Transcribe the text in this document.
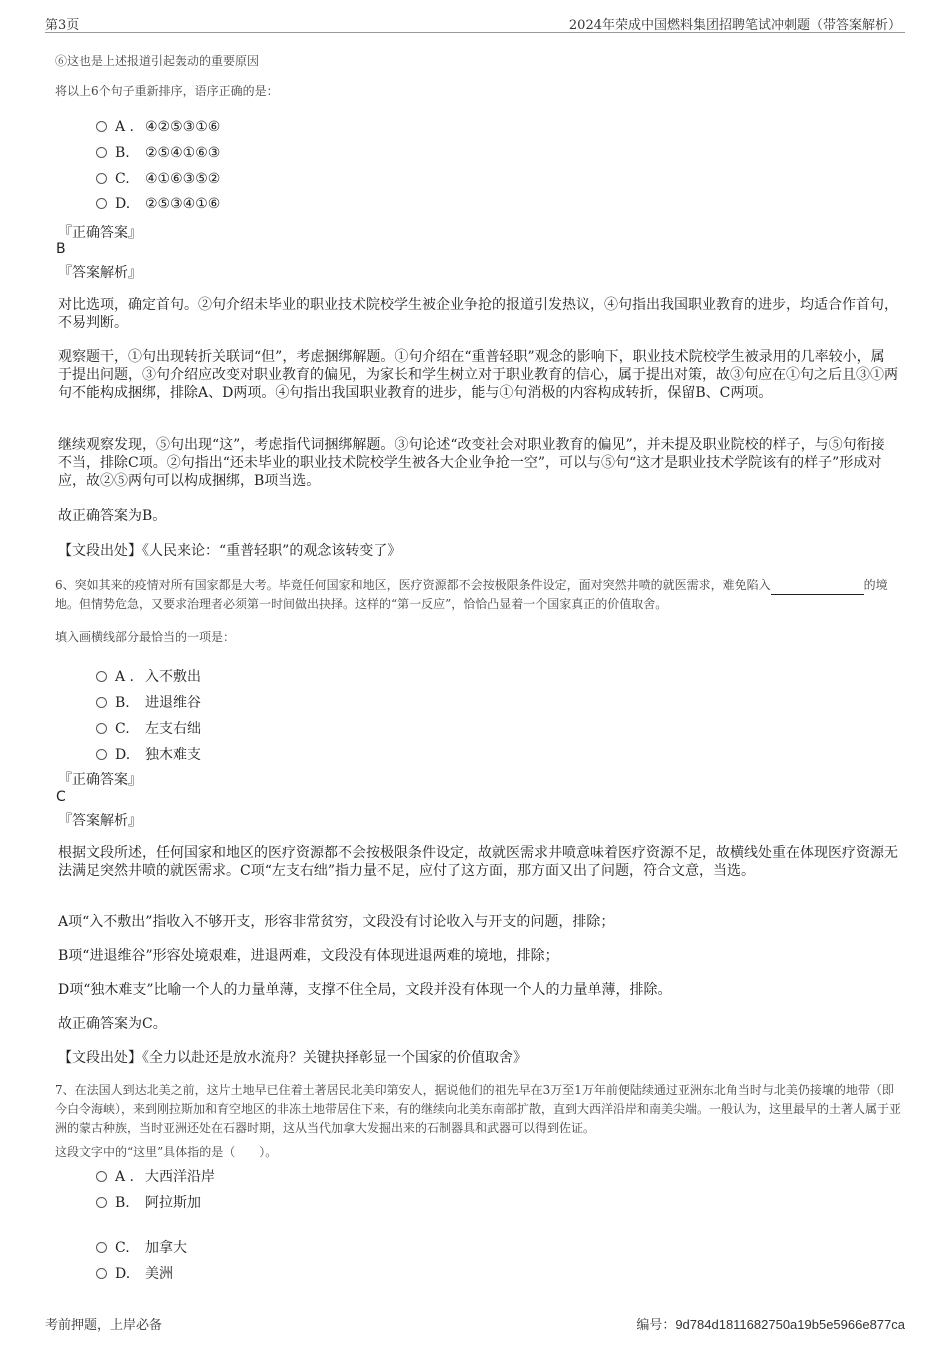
第3页	2024年荣成中国燃料集团招聘笔试冲刺题（带答案解析）
⑥这也是上述报道引起轰动的重要原因
将以上6个句子重新排序，语序正确的是：
A . ④②⑤③①⑥
B. ②⑤④①⑥③
C. ④①⑥③⑤②
D. ②⑤③④①⑥
『正确答案』
B
『答案解析』
对比选项，确定首句。②句介绍未毕业的职业技术院校学生被企业争抢的报道引发热议，④句指出我国职业教育的进步，均适合作首句，不易判断。
观察题干，①句出现转折关联词“但”，考虑捆绑解题。①句介绍在“重普轻职”观念的影响下，职业技术院校学生被录用的几率较小，属于提出问题，③句介绍应改变对职业教育的偏见，为家长和学生树立对于职业教育的信心，属于提出对策，故③句应在①句之后且③①两句不能构成捆绑，排除A、D两项。④句指出我国职业教育的进步，能与①句消极的内容构成转折，保留B、C两项。
继续观察发现，⑤句出现“这”，考虑指代词捆绑解题。③句论述“改变社会对职业教育的偏见”，并未提及职业院校的样子，与⑤句衔接不当，排除C项。②句指出“还未毕业的职业技术院校学生被各大企业争抢一空”，可以与⑤句“这才是职业技术学院该有的样子”形成对应，故②⑤两句可以构成捆绑，B项当选。
故正确答案为B。
【文段出处】《人民来论：“重普轻职”的观念该转变了》
6、突如其来的疫情对所有国家都是大考。毕竟任何国家和地区，医疗资源都不会按极限条件设定，面对突然井喷的就医需求，难免陷入	的境地。但情势危急，又要求治理者必须第一时间做出抉择。这样的“第一反应”，恰恰凸显着一个国家真正的价值取舍。
填入画横线部分最恰当的一项是：
A . 入不敷出
B. 进退维谷
C. 左支右绌
D. 独木难支
『正确答案』
C
『答案解析』
根据文段所述，任何国家和地区的医疗资源都不会按极限条件设定，故就医需求井喷意味着医疗资源不足，故横线处重在体现医疗资源无法满足突然井喷的就医需求。C项“左支右绌”指力量不足，应付了这方面，那方面又出了问题，符合文意，当选。
A项“入不敷出”指收入不够开支，形容非常贫穷，文段没有讨论收入与开支的问题，排除；
B项“进退维谷”形容处境艰难，进退两难，文段没有体现进退两难的境地，排除；
D项“独木难支”比喻一个人的力量单薄，支撑不住全局，文段并没有体现一个人的力量单薄，排除。
故正确答案为C。
【文段出处】《全力以赴还是放水流舟？关键抉择彰显一个国家的价值取舍》
7、在法国人到达北美之前，这片土地早已住着土著居民北美印第安人，据说他们的祖先早在3万至1万年前便陆续通过亚洲东北角当时与北美仍接壤的地带（即今白令海峡），来到刚拉斯加和育空地区的非冻土地带居住下来，有的继续向北美东南部扩散，直到大西洋沿岸和南美尖端。一般认为，这里最早的土著人属于亚洲的蒙古种族，当时亚洲还处在石器时期，这从当代加拿大发掘出来的石制器具和武器可以得到佐证。
这段文字中的“这里”具体指的是（　　）。
A . 大西洋沿岸
B. 阿拉斯加
C. 加拿大
D. 美洲
考前押题，上岸必备	编号：9d784d1811682750a19b5e5966e877ca
